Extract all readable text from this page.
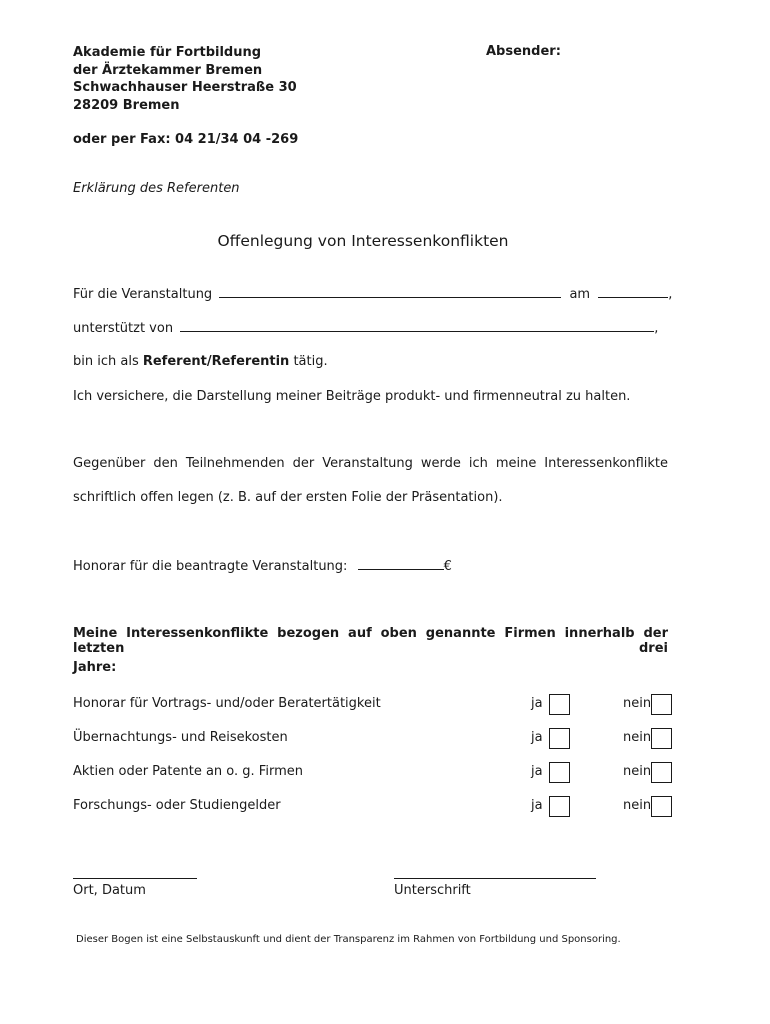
Akademie für Fortbildung
der Ärztekammer Bremen
Schwachhauser Heerstraße 30
28209 Bremen
Absender:
oder per Fax: 04 21/34 04 -269
Erklärung des Referenten
Offenlegung von Interessenkonflikten
Für die Veranstaltung	am	,
unterstützt von	,
bin ich als Referent/Referentin tätig.
Ich versichere, die Darstellung meiner Beiträge produkt- und firmenneutral zu halten.
Gegenüber den Teilnehmenden der Veranstaltung werde ich meine Interessenkonflikte
schriftlich offen legen (z. B. auf der ersten Folie der Präsentation).
Honorar für die beantragte Veranstaltung:	€
Meine Interessenkonflikte bezogen auf oben genannte Firmen innerhalb der letzten drei
Jahre:
Honorar für Vortrags- und/oder Beratertätigkeit	ja	nein
Übernachtungs- und Reisekosten	ja	nein
Aktien oder Patente an o. g. Firmen	ja	nein
Forschungs- oder Studiengelder	ja	nein
Ort, Datum	Unterschrift
Dieser Bogen ist eine Selbstauskunft und dient der Transparenz im Rahmen von Fortbildung und Sponsoring.
